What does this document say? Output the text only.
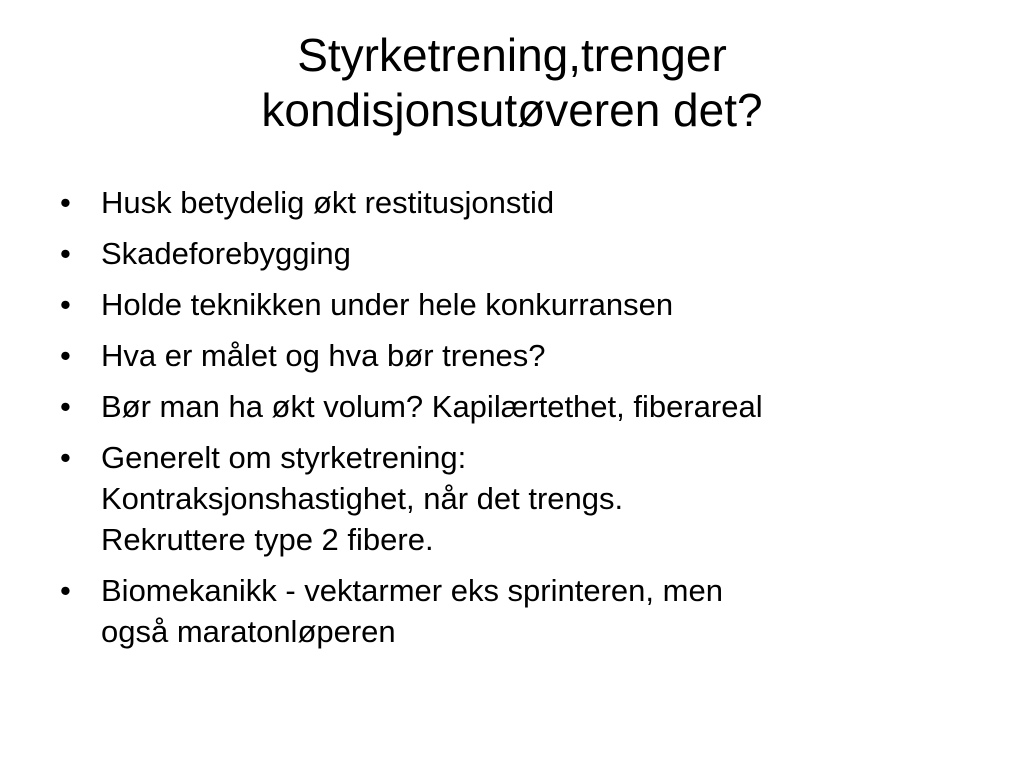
Styrketrening,trenger
kondisjonsutøveren det?
• Husk betydelig økt restitusjonstid
• Skadeforebygging
• Holde teknikken under hele konkurransen
• Hva er målet og hva bør trenes?
• Bør man ha økt volum? Kapilærtethet, fiberareal
• Generelt om styrketrening:
Kontraksjonshastighet, når det trengs.
Rekruttere type 2 fibere.
• Biomekanikk - vektarmer eks sprinteren, men
også maratonløperen
